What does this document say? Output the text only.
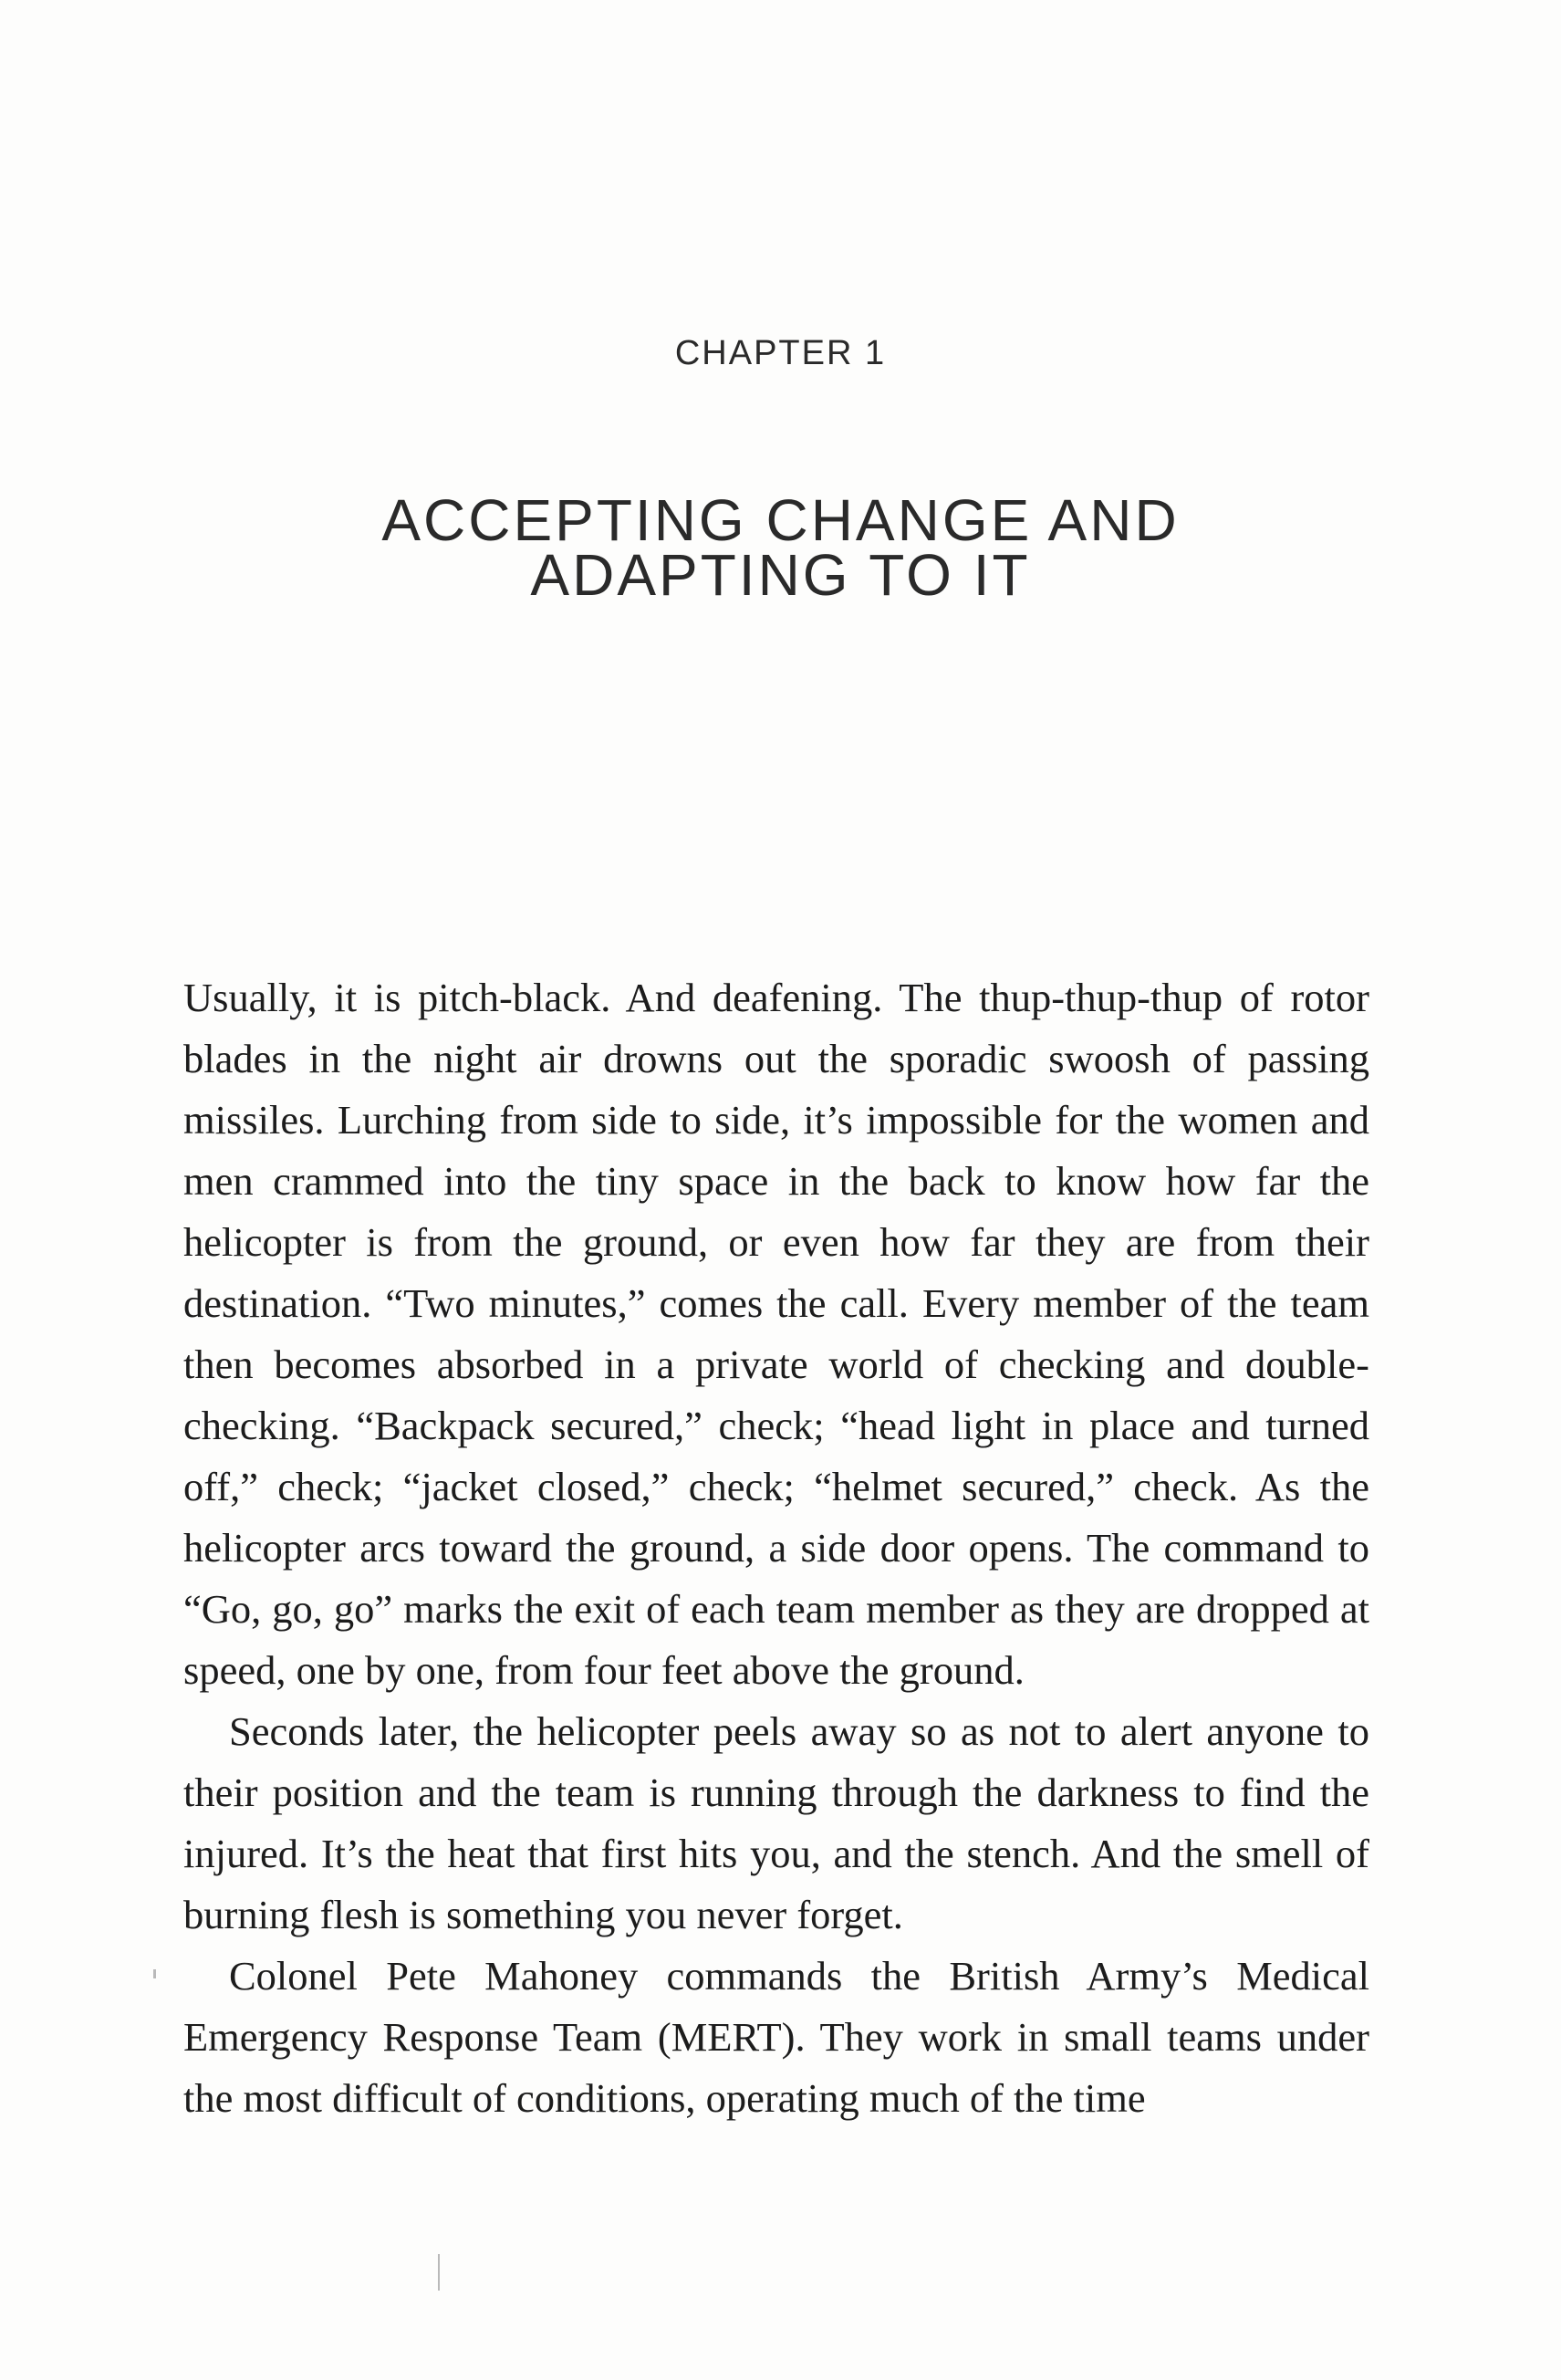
CHAPTER 1
ACCEPTING CHANGE AND
ADAPTING TO IT

Usually, it is pitch-black. And deafening. The thup-thup-thup of rotor blades in the night air drowns out the sporadic swoosh of passing missiles. Lurching from side to side, it’s impossible for the women and men crammed into the tiny space in the back to know how far the helicopter is from the ground, or even how far they are from their destination. “Two minutes,” comes the call. Every member of the team then becomes absorbed in a private world of checking and double-checking. “Backpack secured,” check; “head light in place and turned off,” check; “jacket closed,” check; “helmet secured,” check. As the helicopter arcs toward the ground, a side door opens. The command to “Go, go, go” marks the exit of each team member as they are dropped at speed, one by one, from four feet above the ground.

Seconds later, the helicopter peels away so as not to alert anyone to their position and the team is running through the darkness to find the injured. It’s the heat that first hits you, and the stench. And the smell of burning flesh is something you never forget.

Colonel Pete Mahoney commands the British Army’s Medical Emergency Response Team (MERT). They work in small teams under the most difficult of conditions, operating much of the time
